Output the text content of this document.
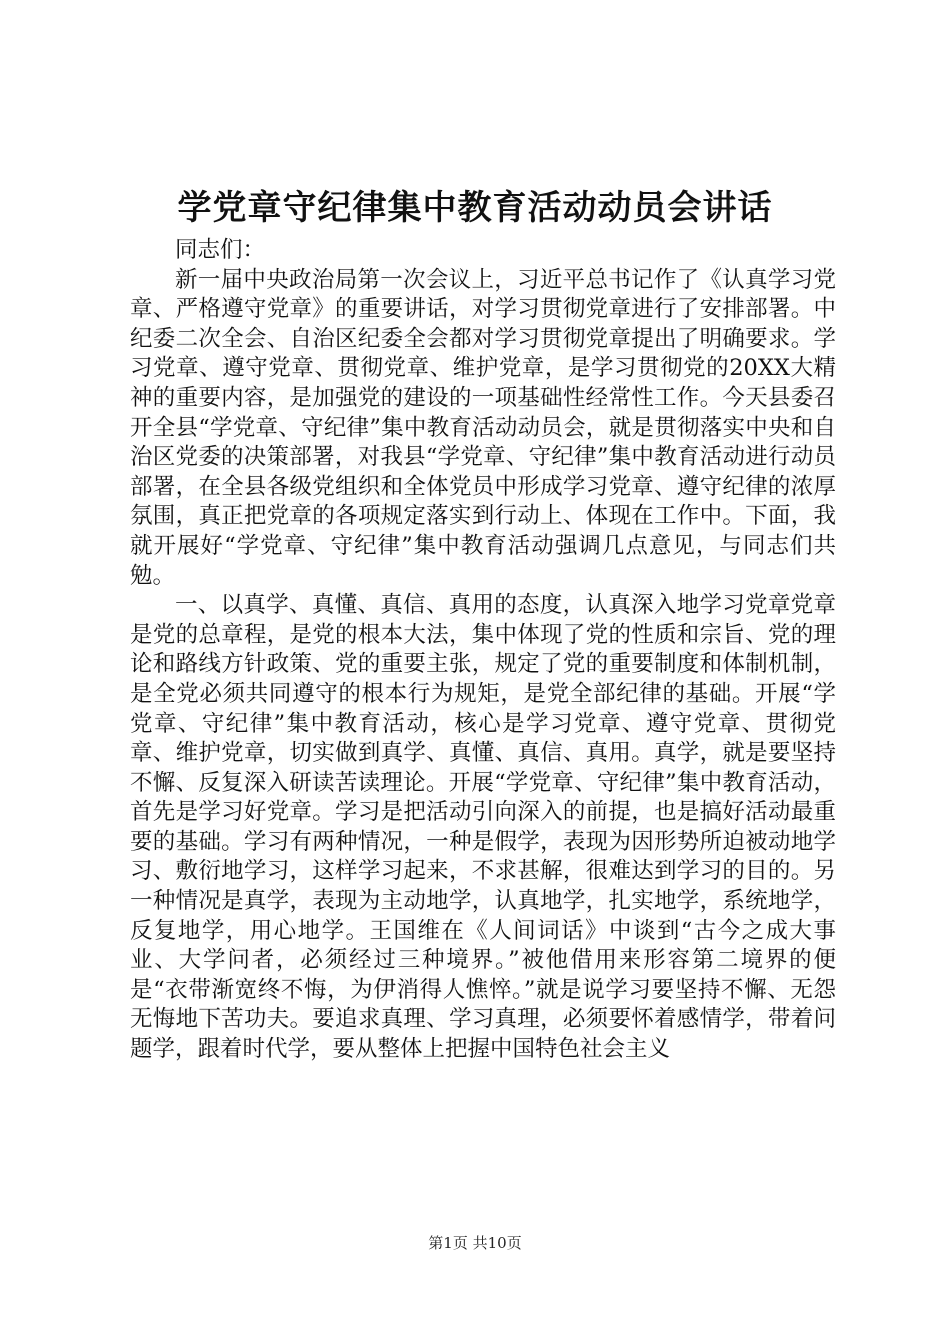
学党章守纪律集中教育活动动员会讲话

同志们：

新一届中央政治局第一次会议上，习近平总书记作了《认真学习党章、严格遵守党章》的重要讲话，对学习贯彻党章进行了安排部署。中纪委二次全会、自治区纪委全会都对学习贯彻党章提出了明确要求。学习党章、遵守党章、贯彻党章、维护党章，是学习贯彻党的20XX大精神的重要内容，是加强党的建设的一项基础性经常性工作。今天县委召开全县“学党章、守纪律”集中教育活动动员会，就是贯彻落实中央和自治区党委的决策部署，对我县“学党章、守纪律”集中教育活动进行动员部署，在全县各级党组织和全体党员中形成学习党章、遵守纪律的浓厚氛围，真正把党章的各项规定落实到行动上、体现在工作中。下面，我就开展好“学党章、守纪律”集中教育活动强调几点意见，与同志们共勉。

一、以真学、真懂、真信、真用的态度，认真深入地学习党章党章是党的总章程，是党的根本大法，集中体现了党的性质和宗旨、党的理论和路线方针政策、党的重要主张，规定了党的重要制度和体制机制，是全党必须共同遵守的根本行为规矩，是党全部纪律的基础。开展“学党章、守纪律”集中教育活动，核心是学习党章、遵守党章、贯彻党章、维护党章，切实做到真学、真懂、真信、真用。真学，就是要坚持不懈、反复深入研读苦读理论。开展“学党章、守纪律”集中教育活动，首先是学习好党章。学习是把活动引向深入的前提，也是搞好活动最重要的基础。学习有两种情况，一种是假学，表现为因形势所迫被动地学习、敷衍地学习，这样学习起来，不求甚解，很难达到学习的目的。另一种情况是真学，表现为主动地学，认真地学，扎实地学，系统地学，反复地学，用心地学。王国维在《人间词话》中谈到“古今之成大事业、大学问者，必须经过三种境界。”被他借用来形容第二境界的便是“衣带渐宽终不悔，为伊消得人憔悴。”就是说学习要坚持不懈、无怨无悔地下苦功夫。要追求真理、学习真理，必须要怀着感情学，带着问题学，跟着时代学，要从整体上把握中国特色社会主义

第1页 共10页
